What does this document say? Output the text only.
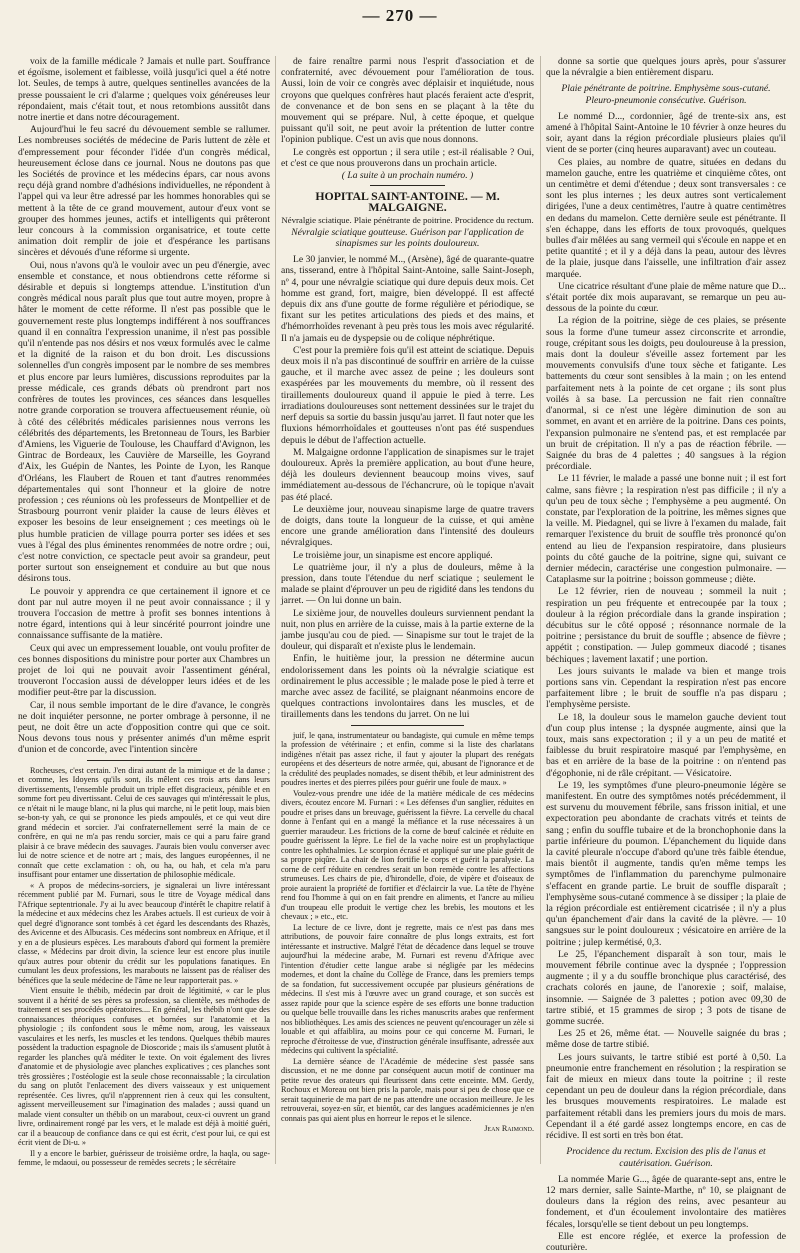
— 270 —

voix de la famille médicale ? Jamais et nulle part. Souffrance et égoïsme, isolement et faiblesse, voilà jusqu'ici quel a été notre lot. Seules, de temps à autre, quelques sentinelles avancées de la presse poussaient le cri d'alarme ; quelques voix généreuses leur répondaient, mais c'était tout, et nous retombions aussitôt dans notre inertie et dans notre découragement.

Aujourd'hui le feu sacré du dévouement semble se rallumer. Les nombreuses sociétés de médecine de Paris luttent de zèle et d'empressement pour féconder l'idée d'un congrès médical, heureusement éclose dans ce journal. Nous ne doutons pas que les Sociétés de province et les médecins épars, car nous avons reçu déjà grand nombre d'adhésions individuelles, ne répondent à l'appel qui va leur être adressé par les hommes honorables qui se mettent à la tête de ce grand mouvement, autour d'eux vont se grouper des hommes jeunes, actifs et intelligents qui prêteront leur concours à la commission organisatrice, et toute cette animation doit remplir de joie et d'espérance les partisans sincères et dévoués d'une réforme si urgente.

Oui, nous n'avons qu'à le vouloir avec un peu d'énergie, avec ensemble et constance, et nous obtiendrons cette réforme si désirable et depuis si longtemps attendue. L'institution d'un congrès médical nous paraît plus que tout autre moyen, propre à hâter le moment de cette réforme. Il n'est pas possible que le gouvernement reste plus longtemps indifférent à nos souffrances quand il en connaîtra l'expression unanime, il n'est pas possible qu'il n'entende pas nos désirs et nos vœux formulés avec le calme et la dignité de la raison et du bon droit. Les discussions solennelles d'un congrès imposent par le nombre de ses membres et plus encore par leurs lumières, discussions reproduites par la presse médicale, ces grands débats où prendront part nos confrères de toutes les provinces, ces séances dans lesquelles notre grande corporation se trouvera affectueusement réunie, où à côté des célébrités médicales parisiennes nous verrons les célébrités des départements, les Bretonneau de Tours, les Barbier d'Amiens, les Viguerie de Toulouse, les Chauffard d'Avignon, les Gintrac de Bordeaux, les Cauvière de Marseille, les Goyrand d'Aix, les Guépin de Nantes, les Pointe de Lyon, les Ranque d'Orléans, les Flaubert de Rouen et tant d'autres renommées départementales qui sont l'honneur et la gloire de notre profession ; ces réunions où les professeurs de Montpellier et de Strasbourg pourront venir plaider la cause de leurs élèves et exposer les besoins de leur enseignement ; ces meetings où le plus humble praticien de village pourra porter ses idées et ses vues à l'égal des plus éminentes renommées de notre ordre ; oui, c'est notre conviction, ce spectacle peut avoir sa grandeur, peut porter surtout son enseignement et conduire au but que nous désirons tous.

Le pouvoir y apprendra ce que certainement il ignore et ce dont par nul autre moyen il ne peut avoir connaissance ; il y trouvera l'occasion de mettre à profit ses bonnes intentions à notre égard, intentions qui à leur sincérité pourront joindre une connaissance suffisante de la matière.

Ceux qui avec un empressement louable, ont voulu profiter de ces bonnes dispositions du ministre pour porter aux Chambres un projet de loi qui ne pouvait avoir l'assentiment général, trouveront l'occasion aussi de développer leurs idées et de les modifier peut-être par la discussion.

Car, il nous semble important de le dire d'avance, le congrès ne doit inquiéter personne, ne porter ombrage à personne, il ne peut, ne doit être un acte d'opposition contre qui que ce soit. Nous devons tous nous y présenter animés d'un même esprit d'union et de concorde, avec l'intention sincère

Rocheuses, c'est certain. J'en dirai autant de la mimique et de la danse ; et comme, les Idoyens qu'ils sont, ils mêlent ces trois arts dans leurs divertissements, l'ensemble produit un triple effet disgracieux, pénible et en somme fort peu divertissant. Celui de ces sauvages qui m'intéressait le plus, ce n'était ni le mauge blanc, ni la plus qui marche, ni le petit loup, mais bien se-bon-ty yah, ce qui se prononce les pieds ampoulés, et ce qui veut dire grand médecin et sorcier. J'ai confraternellement serré la main de ce confrère, en qui ne m'a pas rendu sorcier, mais ce qui a paru faire grand plaisir à ce brave médecin des sauvages. J'aurais bien voulu converser avec lui de notre science et de notre art ; mais, des langues européennes, il ne connaît que cette exclamation : oh, ou ha, ou hah, et cela m'a paru insuffisant pour entamer une dissertation de philosophie médicale.

« A propos de médecins-sorciers, je signalerai un livre intéressant récemment publié par M. Furnari, sous le titre de Voyage médical dans l'Afrique septentrionale. J'y ai lu avec beaucoup d'intérêt le chapitre relatif à la médecine et aux médecins chez les Arabes actuels. Il est curieux de voir à quel degré d'ignorance sont tombés à cet égard les descendants des Rhazès, des Avicenne et des Albucasis. Ces médecins sont nombreux en Afrique, et il y en a de plusieurs espèces. Les marabouts d'abord qui forment la première classe, « Médecins par droit divin, la science leur est encore plus inutile qu'aux autres pour obtenir du crédit sur les populations fanatiques. En cumulant les deux professions, les marabouts ne laissent pas de réaliser des bénéfices que la seule médecine de l'âme ne leur rapporterait pas. »

Vient ensuite le thébib, médecin par droit de légitimité, « car le plus souvent il a hérité de ses pères sa profession, sa clientèle, ses méthodes de traitement et ses procédés opératoires.... En général, les thébib n'ont que des connaissances théoriques confuses et bornées sur l'anatomie et la physiologie ; ils confondent sous le même nom, aroug, les vaisseaux vasculaires et les nerfs, les muscles et les tendons. Quelques thébib maures possèdent la traduction espagnole de Dioscoride ; mais ils s'amusent plutôt à regarder les planches qu'à méditer le texte. On voit également des livres d'anatomie et de physiologie avec planches explicatives ; ces planches sont très grossières ; l'ostéologie est la seule chose reconnaissable ; la circulation du sang on plutôt l'enlacement des divers vaisseaux y est uniquement représentée. Ces livres, qu'il n'apprennent rien à ceux qui les consultent, agissent merveilleusement sur l'imagination des malades ; aussi quand un malade vient consulter un thébib on un marabout, ceux-ci ouvrent un grand livre, ordinairement rongé par les vers, et le malade est déjà à moitié guéri, car il a beaucoup de confiance dans ce qui est écrit, c'est pour lui, ce qui est écrit vient de Di-u. »

Il y a encore le barbier, guérisseur de troisième ordre, la haqla, ou sage-femme, le mdaoui, ou possesseur de remèdes secrets ; le sécrétaire

de faire renaître parmi nous l'esprit d'association et de confraternité, avec dévouement pour l'amélioration de tous. Aussi, loin de voir ce congrès avec déplaisir et inquiétude, nous croyons que quelques confrères haut placés feraient acte d'esprit, de convenance et de bon sens en se plaçant à la tête du mouvement qui se prépare. Nul, à cette époque, et quelque puissant qu'il soit, ne peut avoir la prétention de lutter contre l'opinion publique. C'est un avis que nous donnons.

Le congrès est opportun ; il sera utile ; est-il réalisable ? Oui, et c'est ce que nous prouverons dans un prochain article.

( La suite à un prochain numéro. )

HOPITAL SAINT-ANTOINE. — M. MALGAIGNE.

Névralgie sciatique. Plaie pénétrante de poitrine. Procidence du rectum.

Névralgie sciatique goutteuse. Guérison par l'application de sinapismes sur les points douloureux.

Le 30 janvier, le nommé M.., (Arsène), âgé de quarante-quatre ans, tisserand, entre à l'hôpital Saint-Antoine, salle Saint-Joseph, nº 4, pour une névralgie sciatique qui dure depuis deux mois. Cet homme est grand, fort, maigre, bien développé. Il est affecté depuis dix ans d'une goutte de forme régulière et périodique, se fixant sur les petites articulations des pieds et des mains, et d'hémorrhoïdes revenant à peu près tous les mois avec régularité. Il n'a jamais eu de dyspepsie ou de colique néphrétique.

C'est pour la première fois qu'il est atteint de sciatique. Depuis deux mois il n'a pas discontinué de souffrir en arrière de la cuisse gauche, et il marche avec assez de peine ; les douleurs sont exaspérées par les mouvements du membre, où il ressent des tiraillements douloureux quand il appuie le pied à terre. Les irradiations douloureuses sont nettement dessinées sur le trajet du nerf depuis sa sortie du bassin jusqu'au jarret. Il faut noter que les fluxions hémorrhoïdales et goutteuses n'ont pas été suspendues depuis le début de l'affection actuelle.

M. Malgaigne ordonne l'application de sinapismes sur le trajet douloureux. Après la première application, au bout d'une heure, déjà les douleurs deviennent beaucoup moins vives, sauf immédiatement au-dessous de l'échancrure, où le topique n'avait pas été placé.

Le deuxième jour, nouveau sinapisme large de quatre travers de doigts, dans toute la longueur de la cuisse, et qui amène encore une grande amélioration dans l'intensité des douleurs névralgiques.

Le troisième jour, un sinapisme est encore appliqué.

Le quatrième jour, il n'y a plus de douleurs, même à la pression, dans toute l'étendue du nerf sciatique ; seulement le malade se plaint d'éprouver un peu de rigidité dans les tendons du jarret. — On lui donne un bain.

Le sixième jour, de nouvelles douleurs surviennent pendant la nuit, non plus en arrière de la cuisse, mais à la partie externe de la jambe jusqu'au cou de pied. — Sinapisme sur tout le trajet de la douleur, qui disparaît et n'existe plus le lendemain.

Enfin, le huitième jour, la pression ne détermine aucun endolorissement dans les points où la névralgie sciatique est ordinairement le plus accessible ; le malade pose le pied à terre et marche avec assez de facilité, se plaignant néanmoins encore de quelques contractions involontaires dans les muscles, et de tiraillements dans les tendons du jarret. On ne lui

juif, le qana, instrumentateur ou bandagiste, qui cumule en même temps la profession de vétérinaire ; et enfin, comme si la liste des charlatans indigènes n'était pas assez riche, il faut y ajouter la plupart des renégats européens et des déserteurs de notre armée, qui, abusant de l'ignorance et de la crédulité des peuplades nomades, se disent thébib, et leur administrent des poudres inertes et des pierres pilées pour guérir une foule de maux. »

Voulez-vous prendre une idée de la matière médicale de ces médecins divers, écoutez encore M. Furnari : « Les défenses d'un sanglier, réduites en poudre et prises dans un breuvage, guérissent la fièvre. La cervelle du chacal donne à l'enfant qui en a mangé la méfiance et la ruse nécessaires à un guerrier maraudeur. Les frictions de la corne de bœuf calcinée et réduite en poudre guérissent la lèpre. Le fiel de la vache noire est un prophylactique contre les ophthalmies. Le scorpion écrasé et appliqué sur une plaie guérit de sa propre piqûre. La chair de lion fortifie le corps et guérit la paralysie. La corne de cerf réduite en cendres serait un bon remède contre les affections strumeuses. Les chairs de pie, d'hirondelle, d'oie, de vipère et d'oiseaux de proie auraient la propriété de fortifier et d'éclaircir la vue. La tête de l'hyène rend fou l'homme à qui on en fait prendre en aliments, et l'ancre au milieu d'un troupeau elle produit le vertige chez les brebis, les moutons et les chevaux ; » etc., etc.

La lecture de ce livre, dont je regrette, mais ce n'est pas dans mes attributions, de pouvoir faire connaître de plus longs extraits, est fort intéressante et instructive. Malgré l'état de décadence dans lequel se trouve aujourd'hui la médecine arabe, M. Furnari est revenu d'Afrique avec l'intention d'étudier cette langue arabe si négligée par les médecins modernes, et dont la chaîne du Collège de France, dans les premiers temps de sa fondation, fut successivement occupée par plusieurs générations de médecins. Il s'est mis à l'œuvre avec un grand courage, et son succès est assez rapide pour que la science espère de ses efforts une bonne traduction ou quelque belle trouvaille dans les riches manuscrits arabes que renferment nos bibliothèques. Les amis des sciences ne peuvent qu'encourager un zèle si louable et qui affaiblira, au moins pour ce qui concerne M. Furnari, le reproche d'étroitesse de vue, d'instruction générale insuffisante, adressée aux médecins qui cultivent la spécialité.

La dernière séance de l'Académie de médecine s'est passée sans discussion, et ne me donne par conséquent aucun motif de continuer ma petite revue des orateurs qui fleurissent dans cette enceinte. MM. Gerdy, Rochoux et Moreau ont bien pris la parole, mais pour si peu de chose que ce serait taquinerie de ma part de ne pas attendre une occasion meilleure. Je les retrouverai, soyez-en sûr, et bientôt, car des langues académiciennes je n'en connais pas qui aient plus en horreur le repos et le silence.

Jean Raimond.

donne sa sortie que quelques jours après, pour s'assurer que la névralgie a bien entièrement disparu.

Plaie pénétrante de poitrine. Emphysème sous-cutané. Pleuro-pneumonie consécutive. Guérison.

Le nommé D..., cordonnier, âgé de trente-six ans, est amené à l'hôpital Saint-Antoine le 10 février à onze heures du soir, ayant dans la région précordiale plusieurs plaies qu'il vient de se porter (cinq heures auparavant) avec un couteau.

Ces plaies, au nombre de quatre, situées en dedans du mamelon gauche, entre les quatrième et cinquième côtes, ont un centimètre et demi d'étendue ; deux sont transversales : ce sont les plus internes ; les deux autres sont verticalement dirigées, l'une a deux centimètres, l'autre à quatre centimètres en dedans du mamelon. Cette dernière seule est pénétrante. Il s'en échappe, dans les efforts de toux provoqués, quelques bulles d'air mêlées au sang vermeil qui s'écoule en nappe et en petite quantité ; et il y a déjà dans la peau, autour des lèvres de la plaie, jusque dans l'aisselle, une infiltration d'air assez marquée.

Une cicatrice résultant d'une plaie de même nature que D... s'était portée dix mois auparavant, se remarque un peu au-dessous de la pointe du cœur.

La région de la poitrine, siège de ces plaies, se présente sous la forme d'une tumeur assez circonscrite et arrondie, rouge, crépitant sous les doigts, peu douloureuse à la pression, mais dont la douleur s'éveille assez fortement par les mouvements convulsifs d'une toux sèche et fatigante. Les battements du cœur sont sensibles à la main ; on les entend parfaitement nets à la pointe de cet organe ; ils sont plus voilés à sa base. La percussion ne fait rien connaître d'anormal, si ce n'est une légère diminution de son au sommet, en avant et en arrière de la poitrine. Dans ces points, l'expansion pulmonaire ne s'entend pas, et est remplacée par un bruit de crépitation. Il n'y a pas de réaction fébrile. — Saignée du bras de 4 palettes ; 40 sangsues à la région précordiale.

Le 11 février, le malade a passé une bonne nuit ; il est fort calme, sans fièvre ; la respiration n'est pas difficile ; il n'y a qu'un peu de toux sèche ; l'emphysème a peu augmenté. On constate, par l'exploration de la poitrine, les mêmes signes que la veille. M. Piedagnel, qui se livre à l'examen du malade, fait remarquer l'existence du bruit de souffle très prononcé qu'on entend au lieu de l'expansion respiratoire, dans plusieurs points du côté gauche de la poitrine, signe qui, suivant ce dernier médecin, caractérise une congestion pulmonaire. — Cataplasme sur la poitrine ; boisson gommeuse ; diète.

Le 12 février, rien de nouveau ; sommeil la nuit ; respiration un peu fréquente et entrecoupée par la toux ; douleur à la région précordiale dans la grande inspiration ; décubitus sur le côté opposé ; résonnance normale de la poitrine ; persistance du bruit de souffle ; absence de fièvre ; appétit ; constipation. — Julep gommeux diacodé ; tisanes béchiques ; lavement laxatif ; une portion.

Les jours suivants le malade va bien et mange trois portions sans vin. Cependant la respiration n'est pas encore parfaitement libre ; le bruit de souffle n'a pas disparu ; l'emphysème persiste.

Le 18, la douleur sous le mamelon gauche devient tout d'un coup plus intense ; la dyspnée augmente, ainsi que la toux, mais sans expectoration ; il y a un peu de matité et faiblesse du bruit respiratoire masqué par l'emphysème, en bas et en arrière de la base de la poitrine : on n'entend pas d'égophonie, ni de râle crépitant. — Vésicatoire.

Le 19, les symptômes d'une pleuro-pneumonie légère se manifestent. En outre des symptômes notés précédemment, il est survenu du mouvement fébrile, sans frisson initial, et une expectoration peu abondante de crachats vitrés et teints de sang ; enfin du souffle tubaire et de la bronchophonie dans la partie inférieure du poumon. L'épanchement du liquide dans la cavité pleurale n'occupe d'abord qu'une très faible étendue, mais bientôt il augmente, tandis qu'en même temps les symptômes de l'inflammation du parenchyme pulmonaire s'effacent en grande partie. Le bruit de souffle disparaît ; l'emphysème sous-cutané commence à se dissiper ; la plaie de la région précordiale est entièrement cicatrisée ; il n'y a plus qu'un épanchement d'air dans la cavité de la plèvre. — 10 sangsues sur le point douloureux ; vésicatoire en arrière de la poitrine ; julep kermétisé, 0,3.

Le 25, l'épanchement disparaît à son tour, mais le mouvement fébrile continue avec la dyspnée ; l'oppression augmente ; il y a du souffle bronchique plus caractérisé, des crachats colorés en jaune, de l'anorexie ; soif, malaise, insomnie. — Saignée de 3 palettes ; potion avec 09,30 de tartre stibié, et 15 grammes de sirop ; 3 pots de tisane de gomme sucrée.

Les 25 et 26, même état. — Nouvelle saignée du bras ; même dose de tartre stibié.

Les jours suivants, le tartre stibié est porté à 0,50. La pneumonie entre franchement en résolution ; la respiration se fait de mieux en mieux dans toute la poitrine ; il reste cependant un peu de douleur dans la région précordiale, dans les brusques mouvements respiratoires. Le malade est parfaitement rétabli dans les premiers jours du mois de mars. Cependant il a été gardé assez longtemps encore, en cas de récidive. Il est sorti en très bon état.

Procidence du rectum. Excision des plis de l'anus et cautérisation. Guérison.

La nommée Marie G..., âgée de quarante-sept ans, entre le 12 mars dernier, salle Sainte-Marthe, nº 10, se plaignant de douleurs dans la région des reins, avec pesanteur au fondement, et d'un écoulement involontaire des matières fécales, lorsqu'elle se tient debout un peu longtemps.

Elle est encore réglée, et exerce la profession de couturière.
